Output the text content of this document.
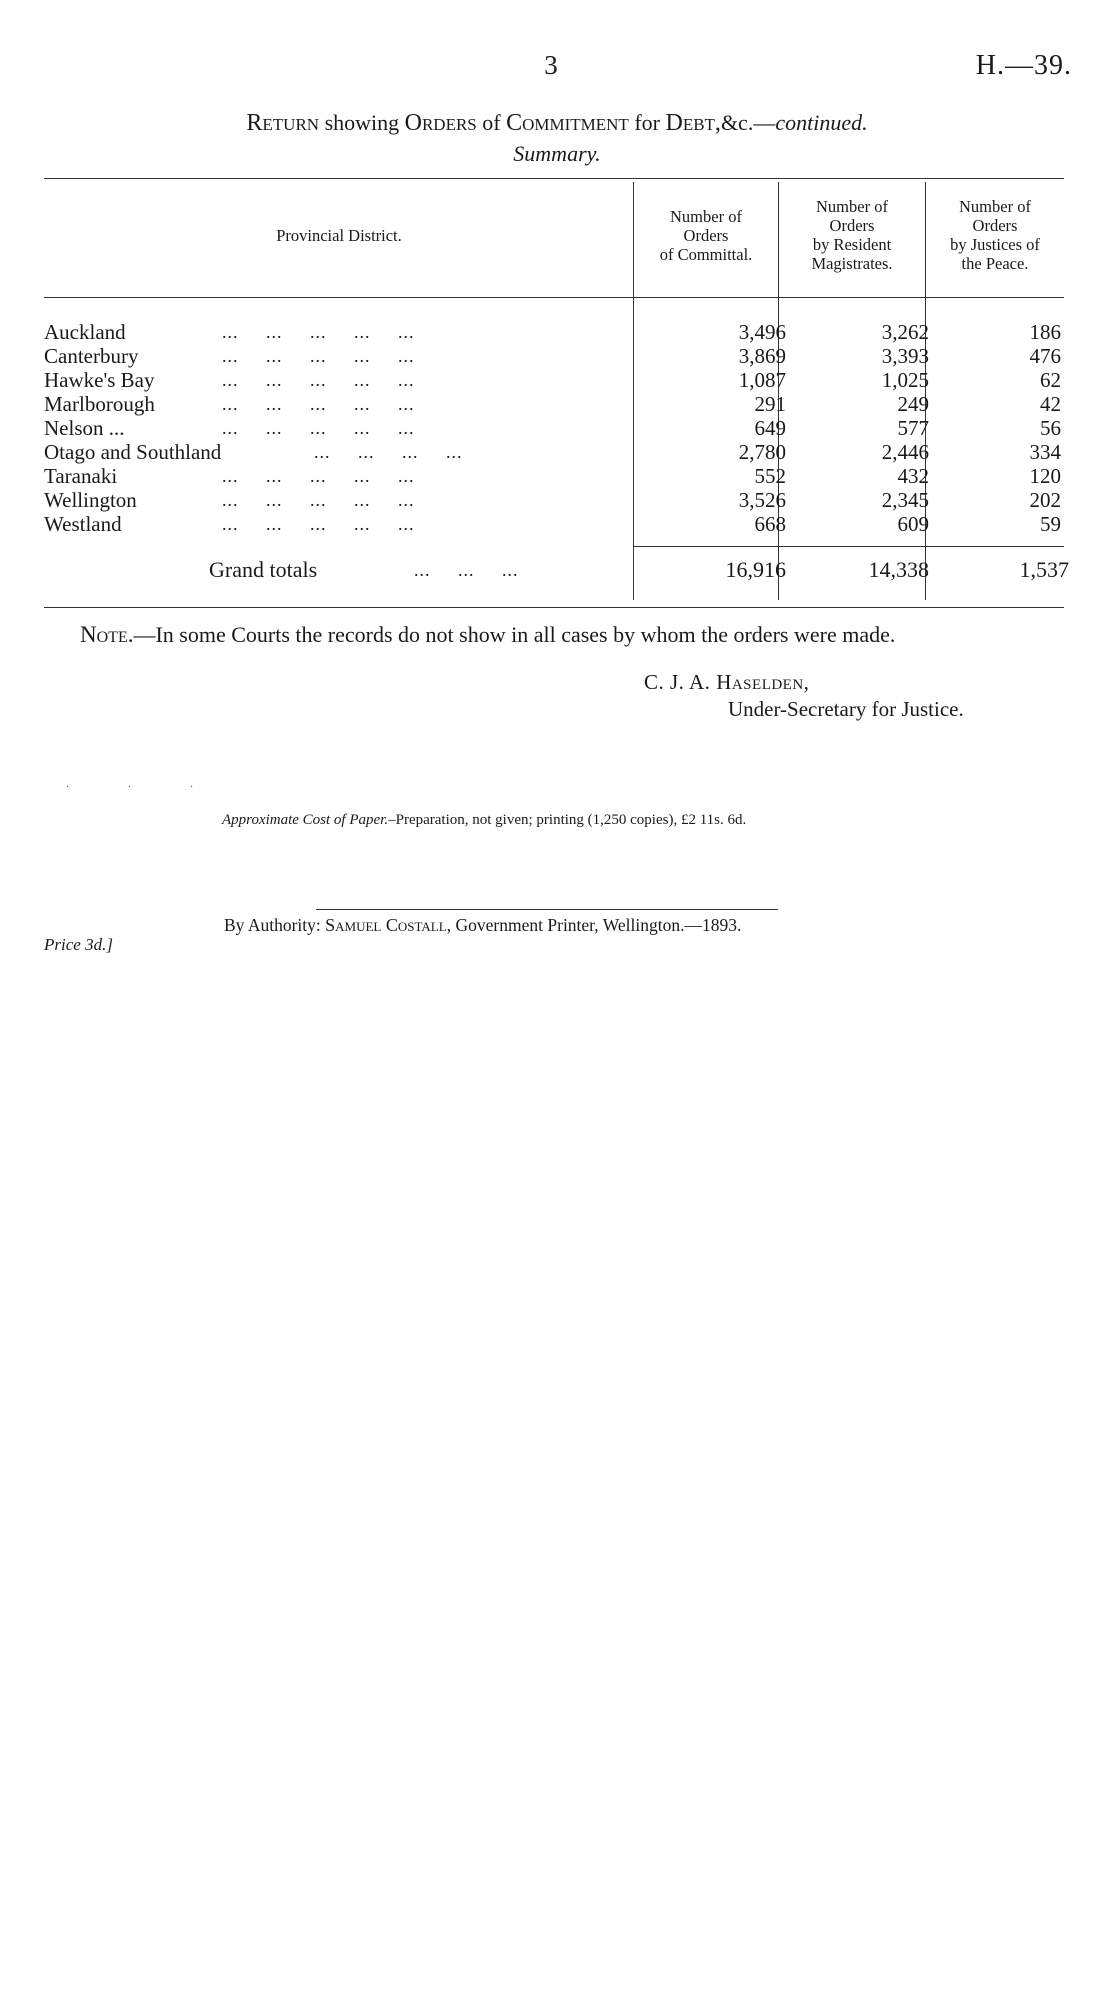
3	H.—39.
Return showing Orders of Commitment for Debt,&c.—continued.
Summary.
Provincial District.
Number of
Orders
of Committal.
Number of
Orders
by Resident
Magistrates.
Number of
Orders
by Justices of
the Peace.
Auckland	...     ...     ...     ...     ...	3,496	3,262	186
Canterbury	...     ...     ...     ...     ...	3,869	3,393	476
Hawke's Bay	...     ...     ...     ...     ...	1,087	1,025	62
Marlborough	...     ...     ...     ...     ...	291	249	42
Nelson ...	...     ...     ...     ...     ...	649	577	56
Otago and Southland	...     ...     ...     ...	2,780	2,446	334
Taranaki	...     ...     ...     ...     ...	552	432	120
Wellington	...     ...     ...     ...     ...	3,526	2,345	202
Westland	...     ...     ...     ...     ...	668	609	59
Grand totals	...     ...     ...	16,916	14,338	1,537
Note.—In some Courts the records do not show in all cases by whom the orders were made.
C. J. A. Haselden,
Under-Secretary for Justice.
. . .
Approximate Cost of Paper.–Preparation, not given; printing (1,250 copies), £2 11s. 6d.
By Authority: Samuel Costall, Government Printer, Wellington.—1893.
Price 3d.]
